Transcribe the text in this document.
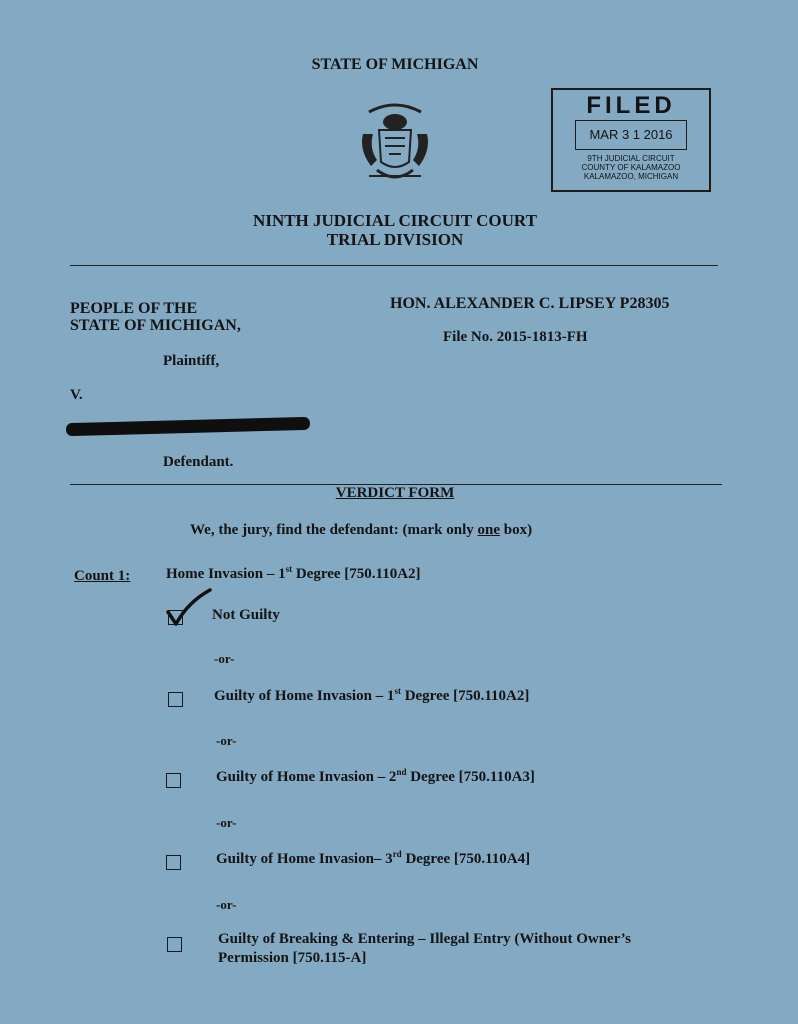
STATE OF MICHIGAN
FILED
MAR 3 1 2016
9TH JUDICIAL CIRCUIT
COUNTY OF KALAMAZOO
KALAMAZOO, MICHIGAN
NINTH JUDICIAL CIRCUIT COURT
TRIAL DIVISION
PEOPLE OF THE
STATE OF MICHIGAN,
Plaintiff,
V.
Defendant.
HON. ALEXANDER C. LIPSEY P28305
File No. 2015-1813-FH
VERDICT FORM
We, the jury, find the defendant: (mark only one box)
Count 1: Home Invasion – 1st Degree [750.110A2]
Not Guilty
-or-
Guilty of Home Invasion – 1st Degree [750.110A2]
-or-
Guilty of Home Invasion – 2nd Degree [750.110A3]
-or-
Guilty of Home Invasion– 3rd Degree [750.110A4]
-or-
Guilty of Breaking & Entering – Illegal Entry (Without Owner’s
Permission [750.115-A]
